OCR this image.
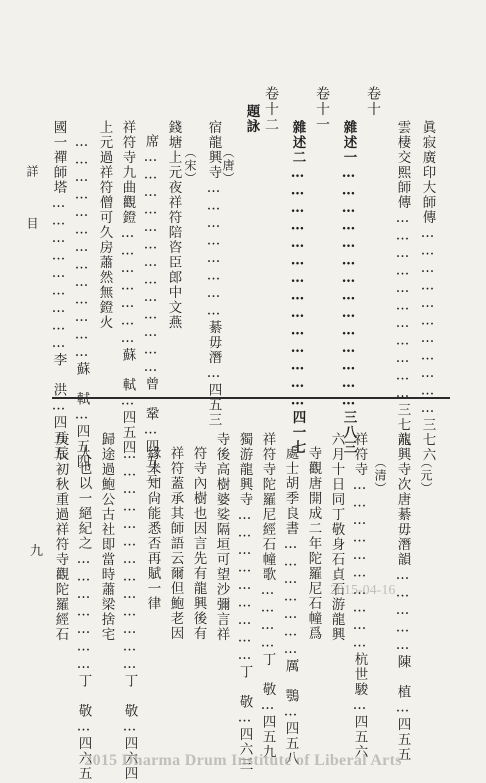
詳　目	眞寂廣印大師傳……………………………三七六
雲棲交熙師傳……………………………三七八
卷十
雜述一……………………………………三八三
卷十一
雜述二……………………………………四一七
卷十二
題詠
（唐）
宿龍興寺……………………綦毋潛…四五三
（宋）
錢塘上元夜祥符陪咨臣郎中文燕
席…………………………………曾　鞏…四五三
祥符寺九曲觀鐙…………………蘇　軾…四五四
上元過祥符僧可久房蕭然無鐙火
…………………………………蘇　軾…四五四
國一禪師塔………………………李　洪…四五五
（元）
龍興寺次唐綦毋潛韻……………陳　植…四五五
（清）
祥符寺…………………………杭世駿…四五六
六月十日同丁敬身石貞石游龍興
寺觀唐開成二年陀羅尼石幢爲
處士胡季良書…………………厲　鶚…四五八
祥符寺陀羅尼經石幢歌…………丁　敬…四五九
獨游龍興寺………………………丁　敬…四六三
寺後高樹婆娑隔垣可望沙彌言祥
符寺內樹也因言先有龍興後有
祥符蓋承其師語云爾但鮑老因
緣未知尙能悉否再賦一律
…………………………………丁　敬…四六四
歸途過鮑公古社即當時蕭梁捨宅
人也以一絕紀之…………………丁　敬…四六五
庚辰初秋重過祥符寺觀陀羅經石
九
2015-04-16
2015 Dharma Drum Institute of Liberal Arts
